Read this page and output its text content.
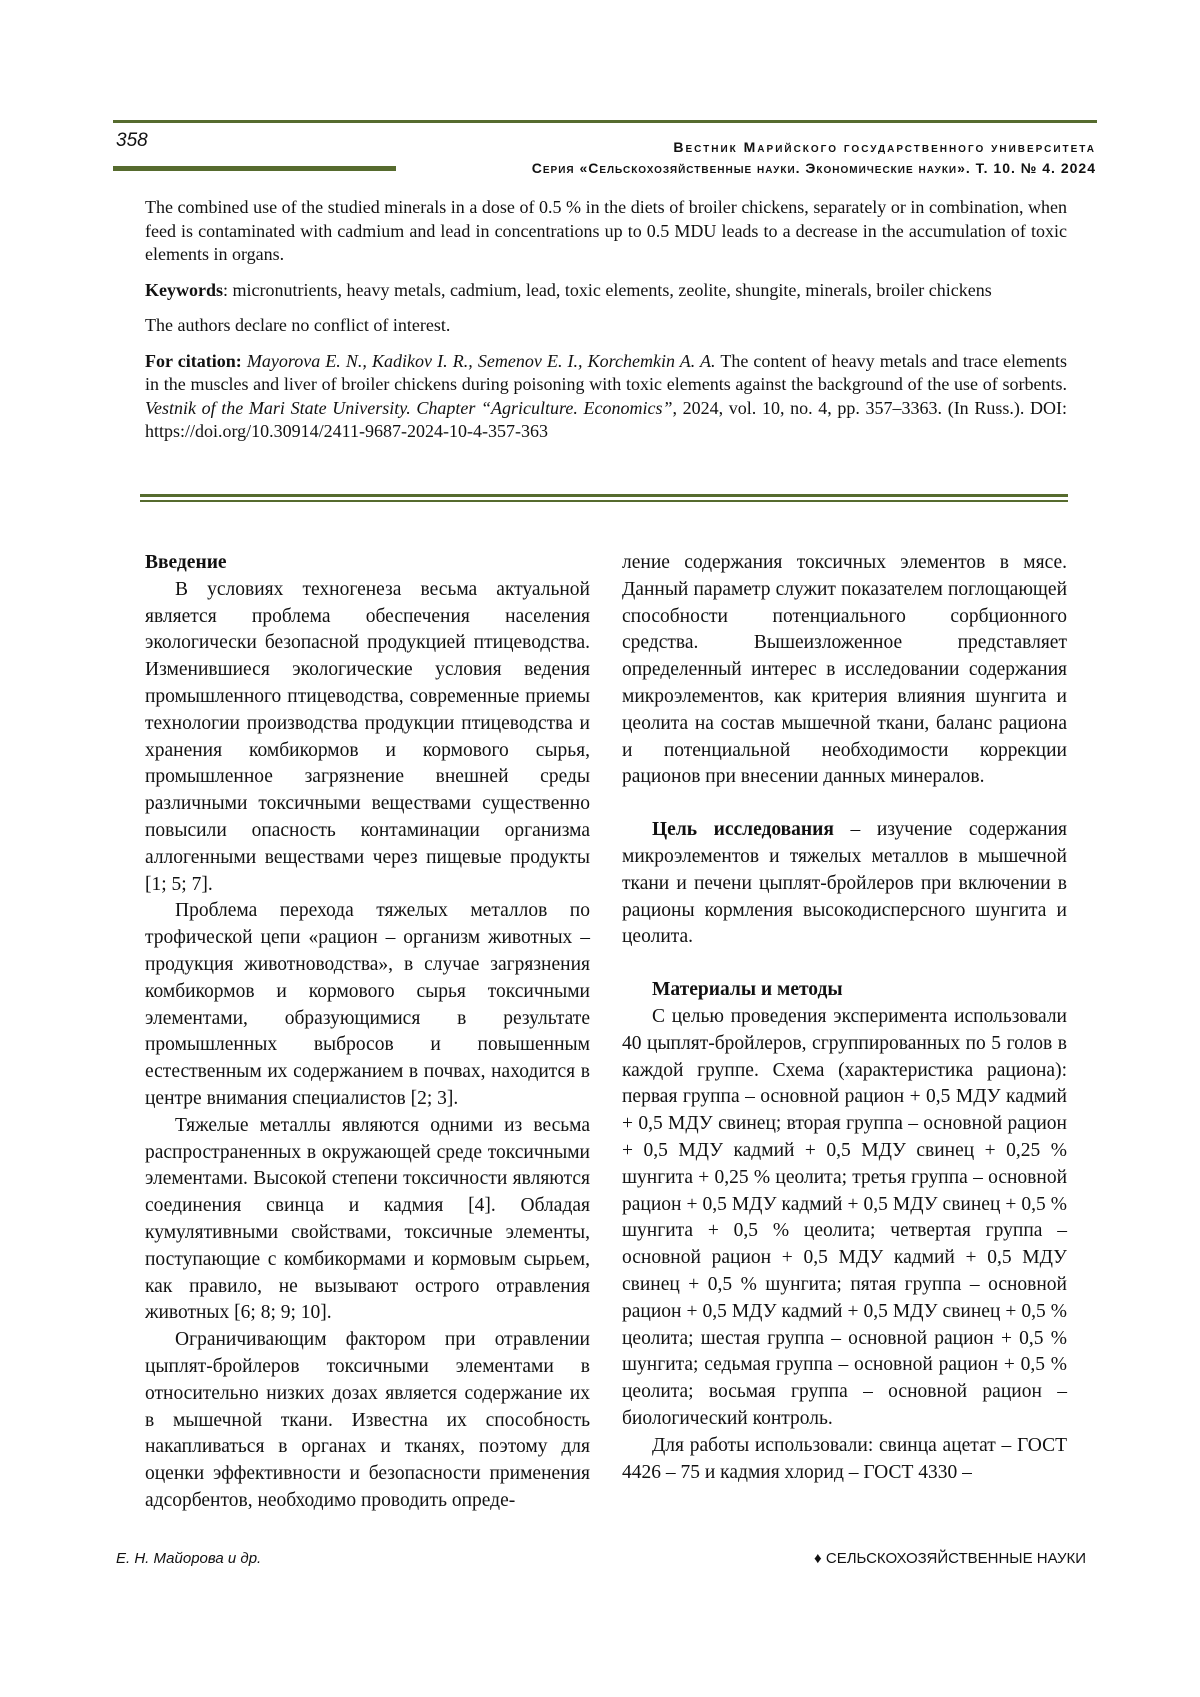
358	Вестник Марийского государственного университета
Серия «Сельскохозяйственные науки. Экономические науки». Т. 10. № 4. 2024

The combined use of the studied minerals in a dose of 0.5 % in the diets of broiler chickens, separately or in combination, when feed is contaminated with cadmium and lead in concentrations up to 0.5 MDU leads to a decrease in the accumulation of toxic elements in organs.

Keywords: micronutrients, heavy metals, cadmium, lead, toxic elements, zeolite, shungite, minerals, broiler chickens

The authors declare no conflict of interest.

For citation: Mayorova E. N., Kadikov I. R., Semenov E. I., Korchemkin A. A. The content of heavy metals and trace elements in the muscles and liver of broiler chickens during poisoning with toxic elements against the background of the use of sorbents. Vestnik of the Mari State University. Chapter “Agriculture. Economics”, 2024, vol. 10, no. 4, pp. 357–3363. (In Russ.). DOI: https://doi.org/10.30914/2411-9687-2024-10-4-357-363

Введение

В условиях техногенеза весьма актуальной является проблема обеспечения населения экологически безопасной продукцией птицеводства. Изменившиеся экологические условия ведения промышленного птицеводства, современные приемы технологии производства продукции птицеводства и хранения комбикормов и кормового сырья, промышленное загрязнение внешней среды различными токсичными веществами существенно повысили опасность контаминации организма аллогенными веществами через пищевые продукты [1; 5; 7].

Проблема перехода тяжелых металлов по трофической цепи «рацион – организм животных – продукция животноводства», в случае загрязнения комбикормов и кормового сырья токсичными элементами, образующимися в результате промышленных выбросов и повышенным естественным их содержанием в почвах, находится в центре внимания специалистов [2; 3].

Тяжелые металлы являются одними из весьма распространенных в окружающей среде токсичными элементами. Высокой степени токсичности являются соединения свинца и кадмия [4]. Обладая кумулятивными свойствами, токсичные элементы, поступающие с комбикормами и кормовым сырьем, как правило, не вызывают острого отравления животных [6; 8; 9; 10].

Ограничивающим фактором при отравлении цыплят-бройлеров токсичными элементами в относительно низких дозах является содержание их в мышечной ткани. Известна их способность накапливаться в органах и тканях, поэтому для оценки эффективности и безопасности применения адсорбентов, необходимо проводить опреде-

ление содержания токсичных элементов в мясе. Данный параметр служит показателем поглощающей способности потенциального сорбционного средства. Вышеизложенное представляет определенный интерес в исследовании содержания микроэлементов, как критерия влияния шунгита и цеолита на состав мышечной ткани, баланс рациона и потенциальной необходимости коррекции рационов при внесении данных минералов.

Цель исследования – изучение содержания микроэлементов и тяжелых металлов в мышечной ткани и печени цыплят-бройлеров при включении в рационы кормления высокодисперсного шунгита и цеолита.

Материалы и методы

С целью проведения эксперимента использовали 40 цыплят-бройлеров, сгруппированных по 5 голов в каждой группе. Схема (характеристика рациона): первая группа – основной рацион + 0,5 МДУ кадмий + 0,5 МДУ свинец; вторая группа – основной рацион + 0,5 МДУ кадмий + 0,5 МДУ свинец + 0,25 % шунгита + 0,25 % цеолита; третья группа – основной рацион + 0,5 МДУ кадмий + 0,5 МДУ свинец + 0,5 % шунгита + 0,5 % цеолита; четвертая группа – основной рацион + 0,5 МДУ кадмий + 0,5 МДУ свинец + 0,5 % шунгита; пятая группа – основной рацион + 0,5 МДУ кадмий + 0,5 МДУ свинец + 0,5 % цеолита; шестая группа – основной рацион + 0,5 % шунгита; седьмая группа – основной рацион + 0,5 % цеолита; восьмая группа – основной рацион – биологический контроль.

Для работы использовали: свинца ацетат – ГОСТ 4426 – 75 и кадмия хлорид – ГОСТ 4330 –

Е. Н. Майорова и др.	♦ СЕЛЬСКОХОЗЯЙСТВЕННЫЕ НАУКИ
